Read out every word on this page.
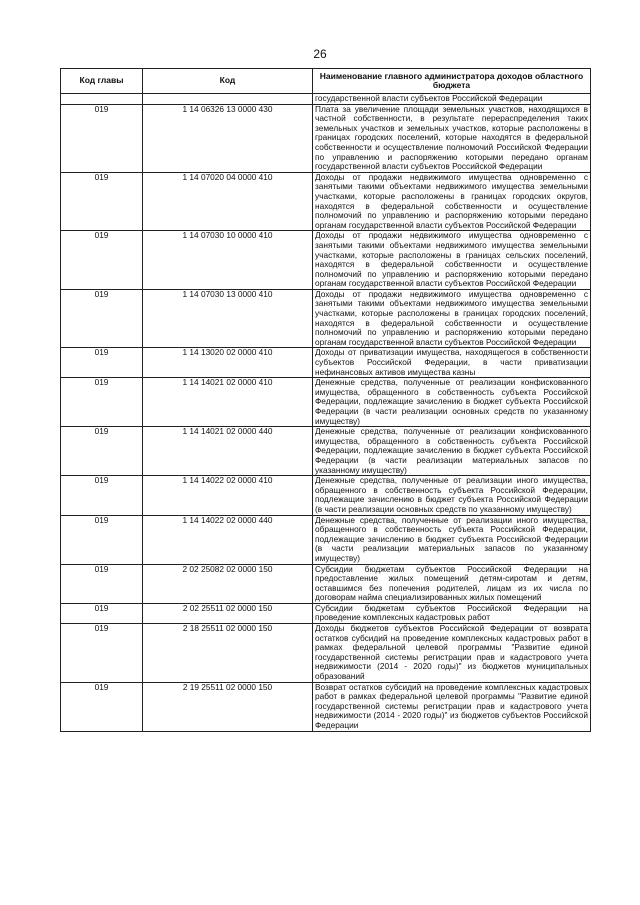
26
Код главы	Код	Наименование главного администратора доходов областного бюджета
		государственной власти субъектов Российской Федерации
019	1 14 06326 13 0000 430	Плата за увеличение площади земельных участков, находящихся в частной собственности, в результате перераспределения таких земельных участков и земельных участков, которые расположены в границах городских поселений, которые находятся в федеральной собственности и осуществление полномочий Российской Федерации по управлению и распоряжению которыми передано органам государственной власти субъектов Российской Федерации
019	1 14 07020 04 0000 410	Доходы от продажи недвижимого имущества одновременно с занятыми такими объектами недвижимого имущества земельными участками, которые расположены в границах городских округов, находятся в федеральной собственности и осуществление полномочий по управлению и распоряжению которыми передано органам государственной власти субъектов Российской Федерации
019	1 14 07030 10 0000 410	Доходы от продажи недвижимого имущества одновременно с занятыми такими объектами недвижимого имущества земельными участками, которые расположены в границах сельских поселений, находятся в федеральной собственности и осуществление полномочий по управлению и распоряжению которыми передано органам государственной власти субъектов Российской Федерации
019	1 14 07030 13 0000 410	Доходы от продажи недвижимого имущества одновременно с занятыми такими объектами недвижимого имущества земельными участками, которые расположены в границах городских поселений, находятся в федеральной собственности и осуществление полномочий по управлению и распоряжению которыми передано органам государственной власти субъектов Российской Федерации
019	1 14 13020 02 0000 410	Доходы от приватизации имущества, находящегося в собственности субъектов Российской Федерации, в части приватизации нефинансовых активов имущества казны
019	1 14 14021 02 0000 410	Денежные средства, полученные от реализации конфискованного имущества, обращенного в собственность субъекта Российской Федерации, подлежащие зачислению в бюджет субъекта Российской Федерации (в части реализации основных средств по указанному имуществу)
019	1 14 14021 02 0000 440	Денежные средства, полученные от реализации конфискованного имущества, обращенного в собственность субъекта Российской Федерации, подлежащие зачислению в бюджет субъекта Российской Федерации (в части реализации материальных запасов по указанному имуществу)
019	1 14 14022 02 0000 410	Денежные средства, полученные от реализации иного имущества, обращенного в собственность субъекта Российской Федерации, подлежащие зачислению в бюджет субъекта Российской Федерации (в части реализации основных средств по указанному имуществу)
019	1 14 14022 02 0000 440	Денежные средства, полученные от реализации иного имущества, обращенного в собственность субъекта Российской Федерации, подлежащие зачислению в бюджет субъекта Российской Федерации (в части реализации материальных запасов по указанному имуществу)
019	2 02 25082 02 0000 150	Субсидии бюджетам субъектов Российской Федерации на предоставление жилых помещений детям-сиротам и детям, оставшимся без попечения родителей, лицам из их числа по договорам найма специализированных жилых помещений
019	2 02 25511 02 0000 150	Субсидии бюджетам субъектов Российской Федерации на проведение комплексных кадастровых работ
019	2 18 25511 02 0000 150	Доходы бюджетов субъектов Российской Федерации от возврата остатков субсидий на проведение комплексных кадастровых работ в рамках федеральной целевой программы "Развитие единой государственной системы регистрации прав и кадастрового учета недвижимости (2014 - 2020 годы)" из бюджетов муниципальных образований
019	2 19 25511 02 0000 150	Возврат остатков субсидий на проведение комплексных кадастровых работ в рамках федеральной целевой программы "Развитие единой государственной системы регистрации прав и кадастрового учета недвижимости (2014 - 2020 годы)" из бюджетов субъектов Российской Федерации
